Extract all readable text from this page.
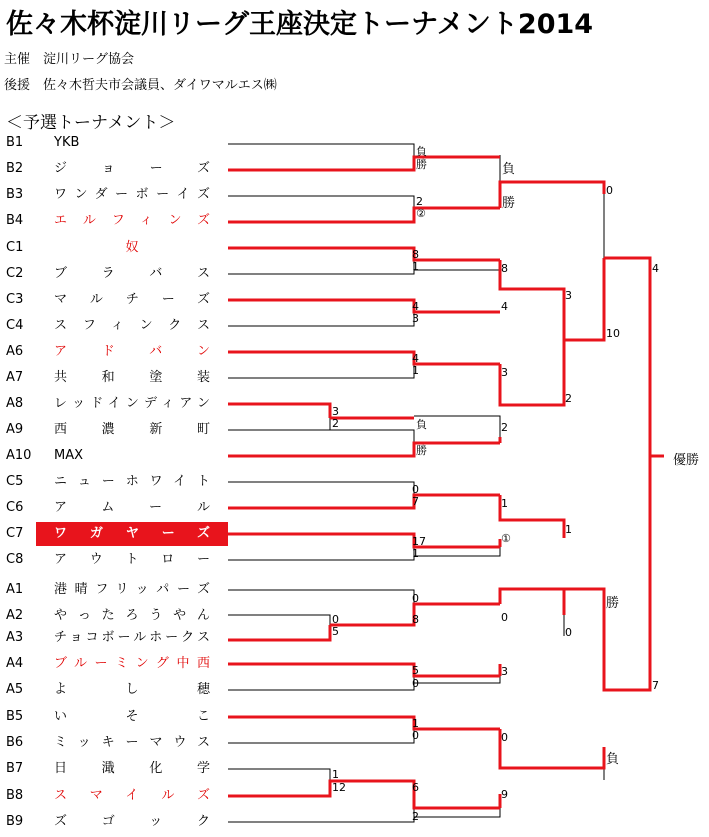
佐々木杯淀川リーグ王座決定トーナメント2014
主催　淀川リーグ協会
後援　佐々木哲夫市会議員、ダイワマルエス㈱
＜予選トーナメント＞
B1	YKB
B2	ジョーズ
B3	ワンダーボーイズ
B4	エルフィンズ
C1	奴
C2	ブラバス
C3	マルチーズ
C4	スフィンクス
A6	アドバン
A7	共和塗装
A8	レッドインディアン
A9	西濃新町
A10 MAX
C5	ニューホワイト
C6	アムール
C7	ワガヤーズ
C8	アウトロー
A1	港晴フリッパーズ
A2	やったろうやん
A3	チョコボールホークス
A4	ブルーミング中西
A5	よし穂
B5	いそこ
B6	ミッキーマウス
B7	日濈化学
B8	スマイルズ
B9	ズゴック
負
勝
2
②
8
1
4
3
4
1
3
2	負
勝
0
7
17
1
0
0
5
8
5
0
1
0
1
12	6
2
負
勝
8
4
3
2
1
①
0
3
0
9
3
2
1
0
0
10
勝
負
4
7
優勝
